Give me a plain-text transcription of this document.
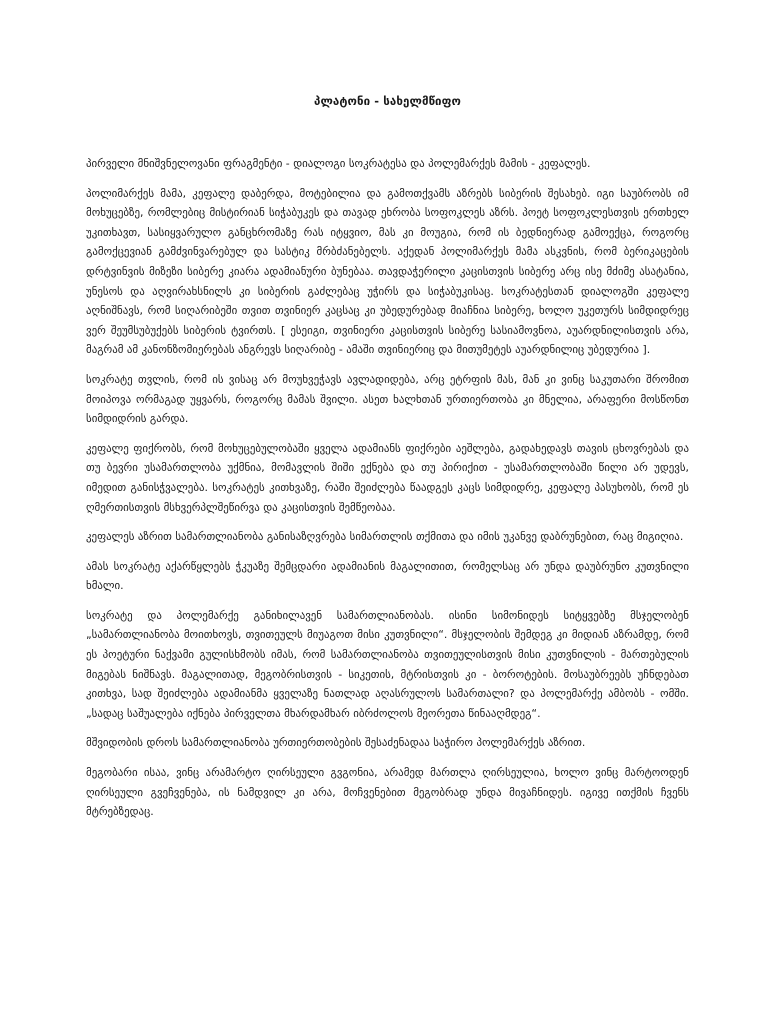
პლატონი - სახელმწიფო

პირველი მნიშვნელოვანი ფრაგმენტი - დიალოგი სოკრატესა და პოლემარქეს მამის - კეფალეს.

პოლიმარქეს მამა, კეფალე დაბერდა, მოტებილია და გამოთქვამს აზრებს სიბერის შესახებ. იგი საუბრობს იმ მოხუცებზე, რომლებიც მისტირიან სიჭაბუკეს და თავად ეხრობა სოფოკლეს აზრს. პოეტ სოფოკლესთვის ერთხელ უკითხავთ, სასიყვარულო განცხრომაზე რას იტყვიო, მას კი მოუგია, რომ ის ბედნიერად გამოექცა, როგორც გამოქცევიან გამძვინვარებულ და სასტიკ მრბძანებელს. აქედან პოლიმარქეს მამა ასკვნის, რომ ბერიკაცების დრტვინვის მიზეზი სიბერე კიარა ადამიანური ბუნებაა. თავდაჭერილი კაცისთვის სიბერე არც ისე მძიმე ასატანია, უნესოს და აღვირახსნილს კი სიბერის გაძლებაც უჭირს და სიჭაბუკისაც. სოკრატესთან დიალოგში კეფალე აღნიშნავს, რომ სიღარიბეში თვით თვინიერ კაცსაც კი უბედურებად მიაჩნია სიბერე, ხოლო უკეთურს სიმდიდრეც ვერ შეუმსუბუქებს სიბერის ტვირთს. [ ესეიგი, თვინიერი კაცისთვის სიბერე სასიამოვნოა, აუარდნილისთვის არა, მაგრამ ამ კანონზომიერებას ანგრევს სიღარიბე - ამაში თვინიერიც და მითუმეტეს აუარდნილიც უბედურია ].

სოკრატე თვლის, რომ ის ვისაც არ მოუხვეჭავს ავლადიდება, არც ეტრფის მას, მან კი ვინც საკუთარი შრომით მოიპოვა ორმაგად უყვარს, როგორც მამას შვილი. ასეთ ხალხთან ურთიერთობა კი მნელია, არაფერი მოსწონთ სიმდიდრის გარდა.

კეფალე ფიქრობს, რომ მოხუცებულობაში ყველა ადამიანს ფიქრები აეშლება, გადახედავს თავის ცხოვრებას და თუ ბევრი უსამართლობა უქმნია, მომავლის შიში ექნება და თუ პირიქით - უსამართლობაში წილი არ უდევს, იმედით განისჭვალება. სოკრატეს კითხვაზე, რაში შეიძლება წაადგეს კაცს სიმდიდრე, კეფალე პასუხობს, რომ ეს ღმერთისთვის მსხვერპლშეწირვა და კაცისთვის შემწეობაა.

კეფალეს აზრით სამართლიანობა განისაზღვრება სიმართლის თქმითა და იმის უკანვე დაბრუნებით, რაც მიგიღია.

ამას სოკრატე აქარწყლებს ჭკუაზე შემცდარი ადამიანის მაგალითით, რომელსაც არ უნდა დაუბრუნო კუთვნილი ხმალი.

სოკრატე და პოლემარქე განიხილავენ სამართლიანობას. ისინი სიმონიდეს სიტყვებზე მსჯელობენ „სამართლიანობა მოითხოვს, თვითეულს მიუაგოთ მისი კუთვნილი“. მსჯელობის შემდეგ კი მიდიან აზრამდე, რომ ეს პოეტური ნაქვამი გულისხმობს იმას, რომ სამართლიანობა თვითეულისთვის მისი კუთვნილის - მართებულის მიგებას ნიშნავს. მაგალითად, მეგობრისთვის - სიკეთის, მტრისთვის კი - ბოროტების. მოსაუბრეებს უჩნდებათ კითხვა, სად შეიძლება ადამიანმა ყველაზე ნათლად აღასრულოს სამართალი? და პოლემარქე ამბობს - ომში. „სადაც საშუალება იქნება პირველთა მხარდამხარ იბრძოლოს მეორეთა წინააღმდეგ“.

მშვიდობის დროს სამართლიანობა ურთიერთობების შესაძენადაა საჭირო პოლემარქეს აზრით.

მეგობარი ისაა, ვინც არამარტო ღირსეული გვგონია, არამედ მართლა ღირსეულია, ხოლო ვინც მარტოოდენ ღირსეული გვეჩვენება, ის ნამდვილ კი არა, მოჩვენებით მეგობრად უნდა მივაჩნიდეს. იგივე ითქმის ჩვენს მტრებზედაც.
